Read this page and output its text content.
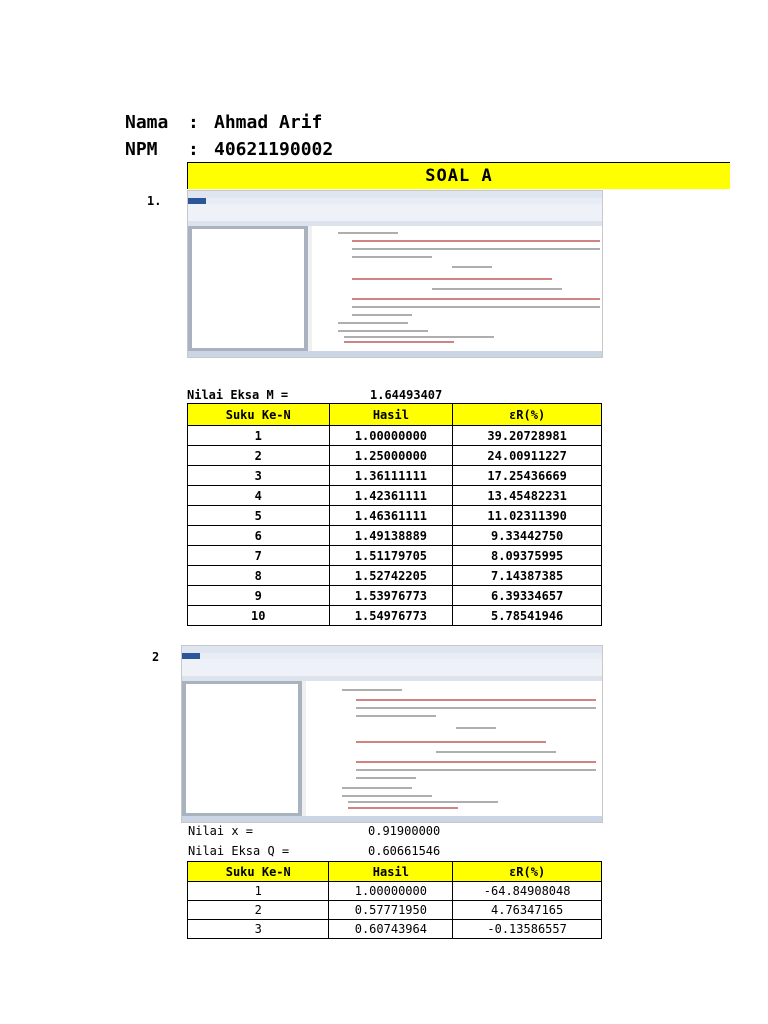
Nama : Ahmad Arif
NPM : 40621190002
SOAL A
1.
Nilai Eksa M =	1.64493407
Suku Ke-N	Hasil	εR(%)
1	1.00000000	39.20728981
2	1.25000000	24.00911227
3	1.36111111	17.25436669
4	1.42361111	13.45482231
5	1.46361111	11.02311390
6	1.49138889	9.33442750
7	1.51179705	8.09375995
8	1.52742205	7.14387385
9	1.53976773	6.39334657
10	1.54976773	5.78541946
2
Nilai x =	0.91900000
Nilai Eksa Q =	0.60661546
Suku Ke-N	Hasil	εR(%)
1	1.00000000	-64.84908048
2	0.57771950	4.76347165
3	0.60743964	-0.13586557
